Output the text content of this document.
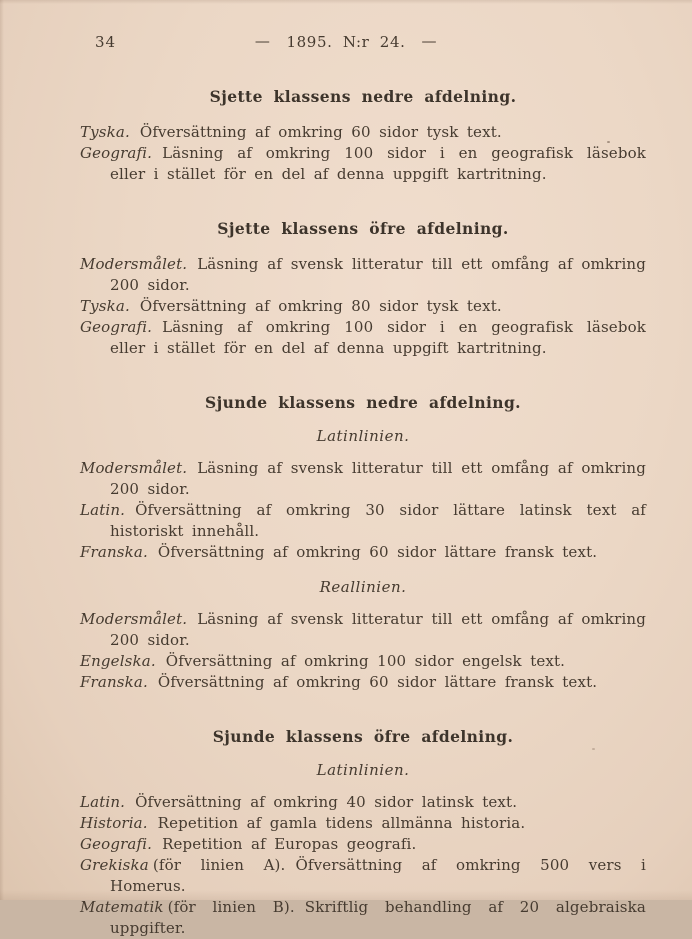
34	— 1895. N:r 24. —
Sjette klassens nedre afdelning.

Tyska. Öfversättning af omkring 60 sidor tysk text.

Geografi. Läsning af omkring 100 sidor i en geografisk läsebok eller i stället för en del af denna uppgift kartritning.

Sjette klassens öfre afdelning.

Modersmålet. Läsning af svensk litteratur till ett omfång af omkring 200 sidor.

Tyska. Öfversättning af omkring 80 sidor tysk text.

Geografi. Läsning af omkring 100 sidor i en geografisk läsebok eller i stället för en del af denna uppgift kartritning.

Sjunde klassens nedre afdelning.
Latinlinien.

Modersmålet. Läsning af svensk litteratur till ett omfång af omkring 200 sidor.

Latin. Öfversättning af omkring 30 sidor lättare latinsk text af historiskt innehåll.

Franska. Öfversättning af omkring 60 sidor lättare fransk text.

Reallinien.

Modersmålet. Läsning af svensk litteratur till ett omfång af omkring 200 sidor.

Engelska. Öfversättning af omkring 100 sidor engelsk text.

Franska. Öfversättning af omkring 60 sidor lättare fransk text.

Sjunde klassens öfre afdelning.
Latinlinien.

Latin. Öfversättning af omkring 40 sidor latinsk text.

Historia. Repetition af gamla tidens allmänna historia.

Geografi. Repetition af Europas geografi.

Grekiska (för linien A). Öfversättning af omkring 500 vers i Homerus.

Matematik (för linien B). Skriftlig behandling af 20 algebraiska uppgifter.
